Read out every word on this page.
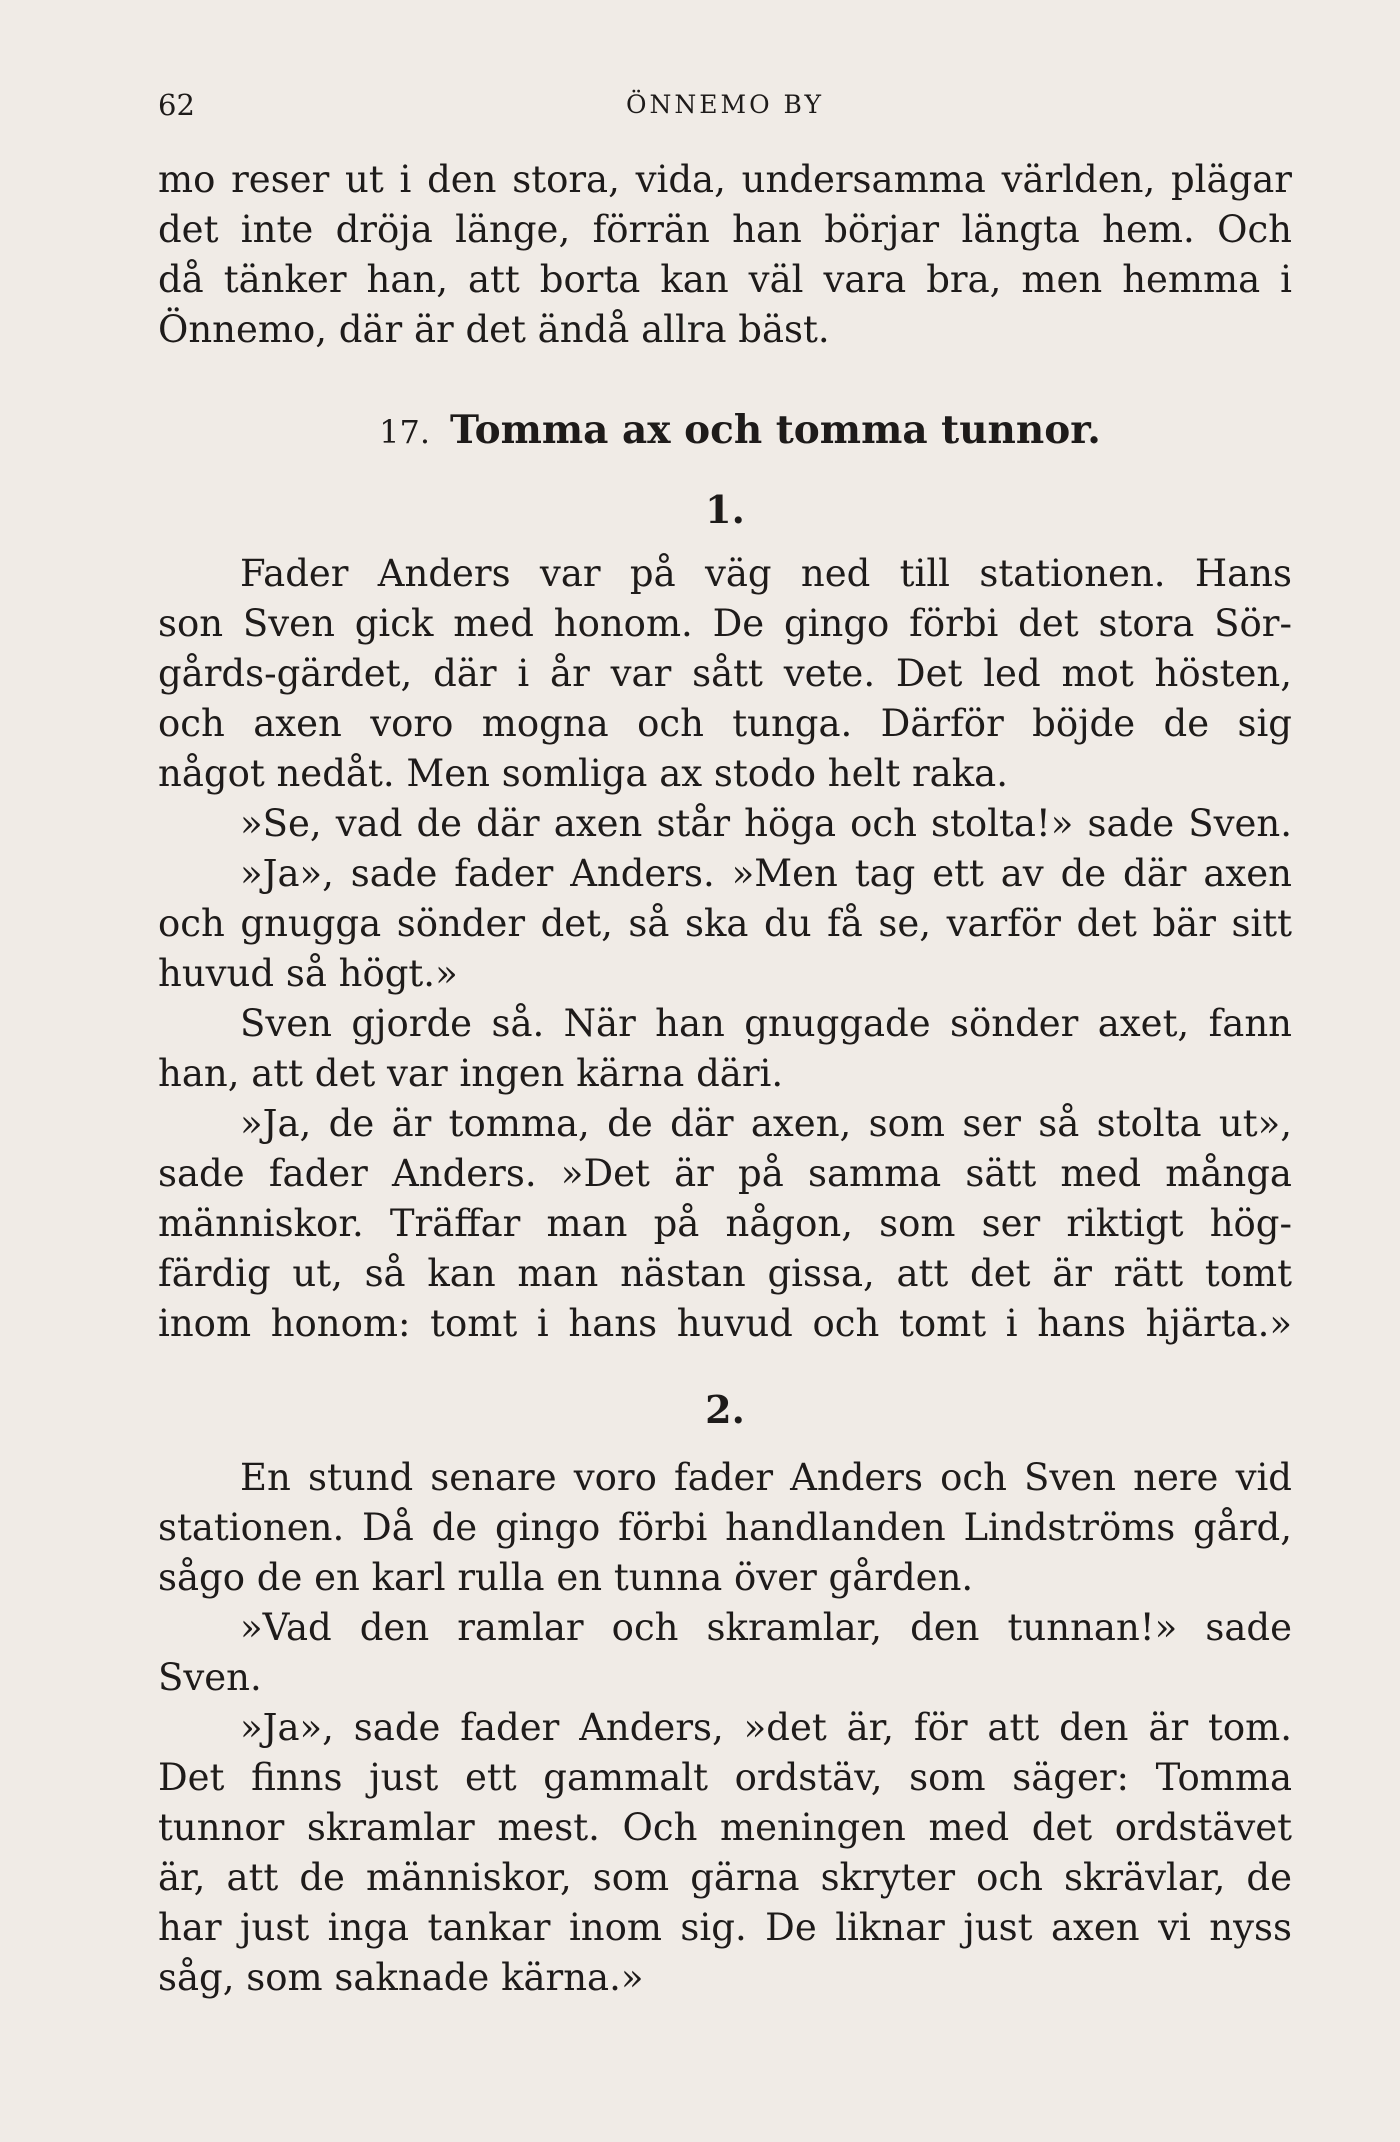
62	ÖNNEMO BY
mo reser ut i den stora, vida, undersamma världen, plägar
det inte dröja länge, förrän han börjar längta hem. Och
då tänker han, att borta kan väl vara bra, men hemma i
Önnemo, där är det ändå allra bäst.
17. Tomma ax och tomma tunnor.
1.
Fader Anders var på väg ned till stationen. Hans
son Sven gick med honom. De gingo förbi det stora Sör-
gårds-gärdet, där i år var sått vete. Det led mot hösten,
och axen voro mogna och tunga. Därför böjde de sig
något nedåt. Men somliga ax stodo helt raka.
»Se, vad de där axen står höga och stolta!» sade Sven.
»Ja», sade fader Anders. »Men tag ett av de där axen
och gnugga sönder det, så ska du få se, varför det bär sitt
huvud så högt.»
Sven gjorde så. När han gnuggade sönder axet, fann
han, att det var ingen kärna däri.
»Ja, de är tomma, de där axen, som ser så stolta ut»,
sade fader Anders. »Det är på samma sätt med många
människor. Träffar man på någon, som ser riktigt hög-
färdig ut, så kan man nästan gissa, att det är rätt tomt
inom honom: tomt i hans huvud och tomt i hans hjärta.»
2.
En stund senare voro fader Anders och Sven nere vid
stationen. Då de gingo förbi handlanden Lindströms gård,
sågo de en karl rulla en tunna över gården.
»Vad den ramlar och skramlar, den tunnan!» sade
Sven.
»Ja», sade fader Anders, »det är, för att den är tom.
Det finns just ett gammalt ordstäv, som säger: Tomma
tunnor skramlar mest. Och meningen med det ordstävet
är, att de människor, som gärna skryter och skrävlar, de
har just inga tankar inom sig. De liknar just axen vi nyss
såg, som saknade kärna.»
